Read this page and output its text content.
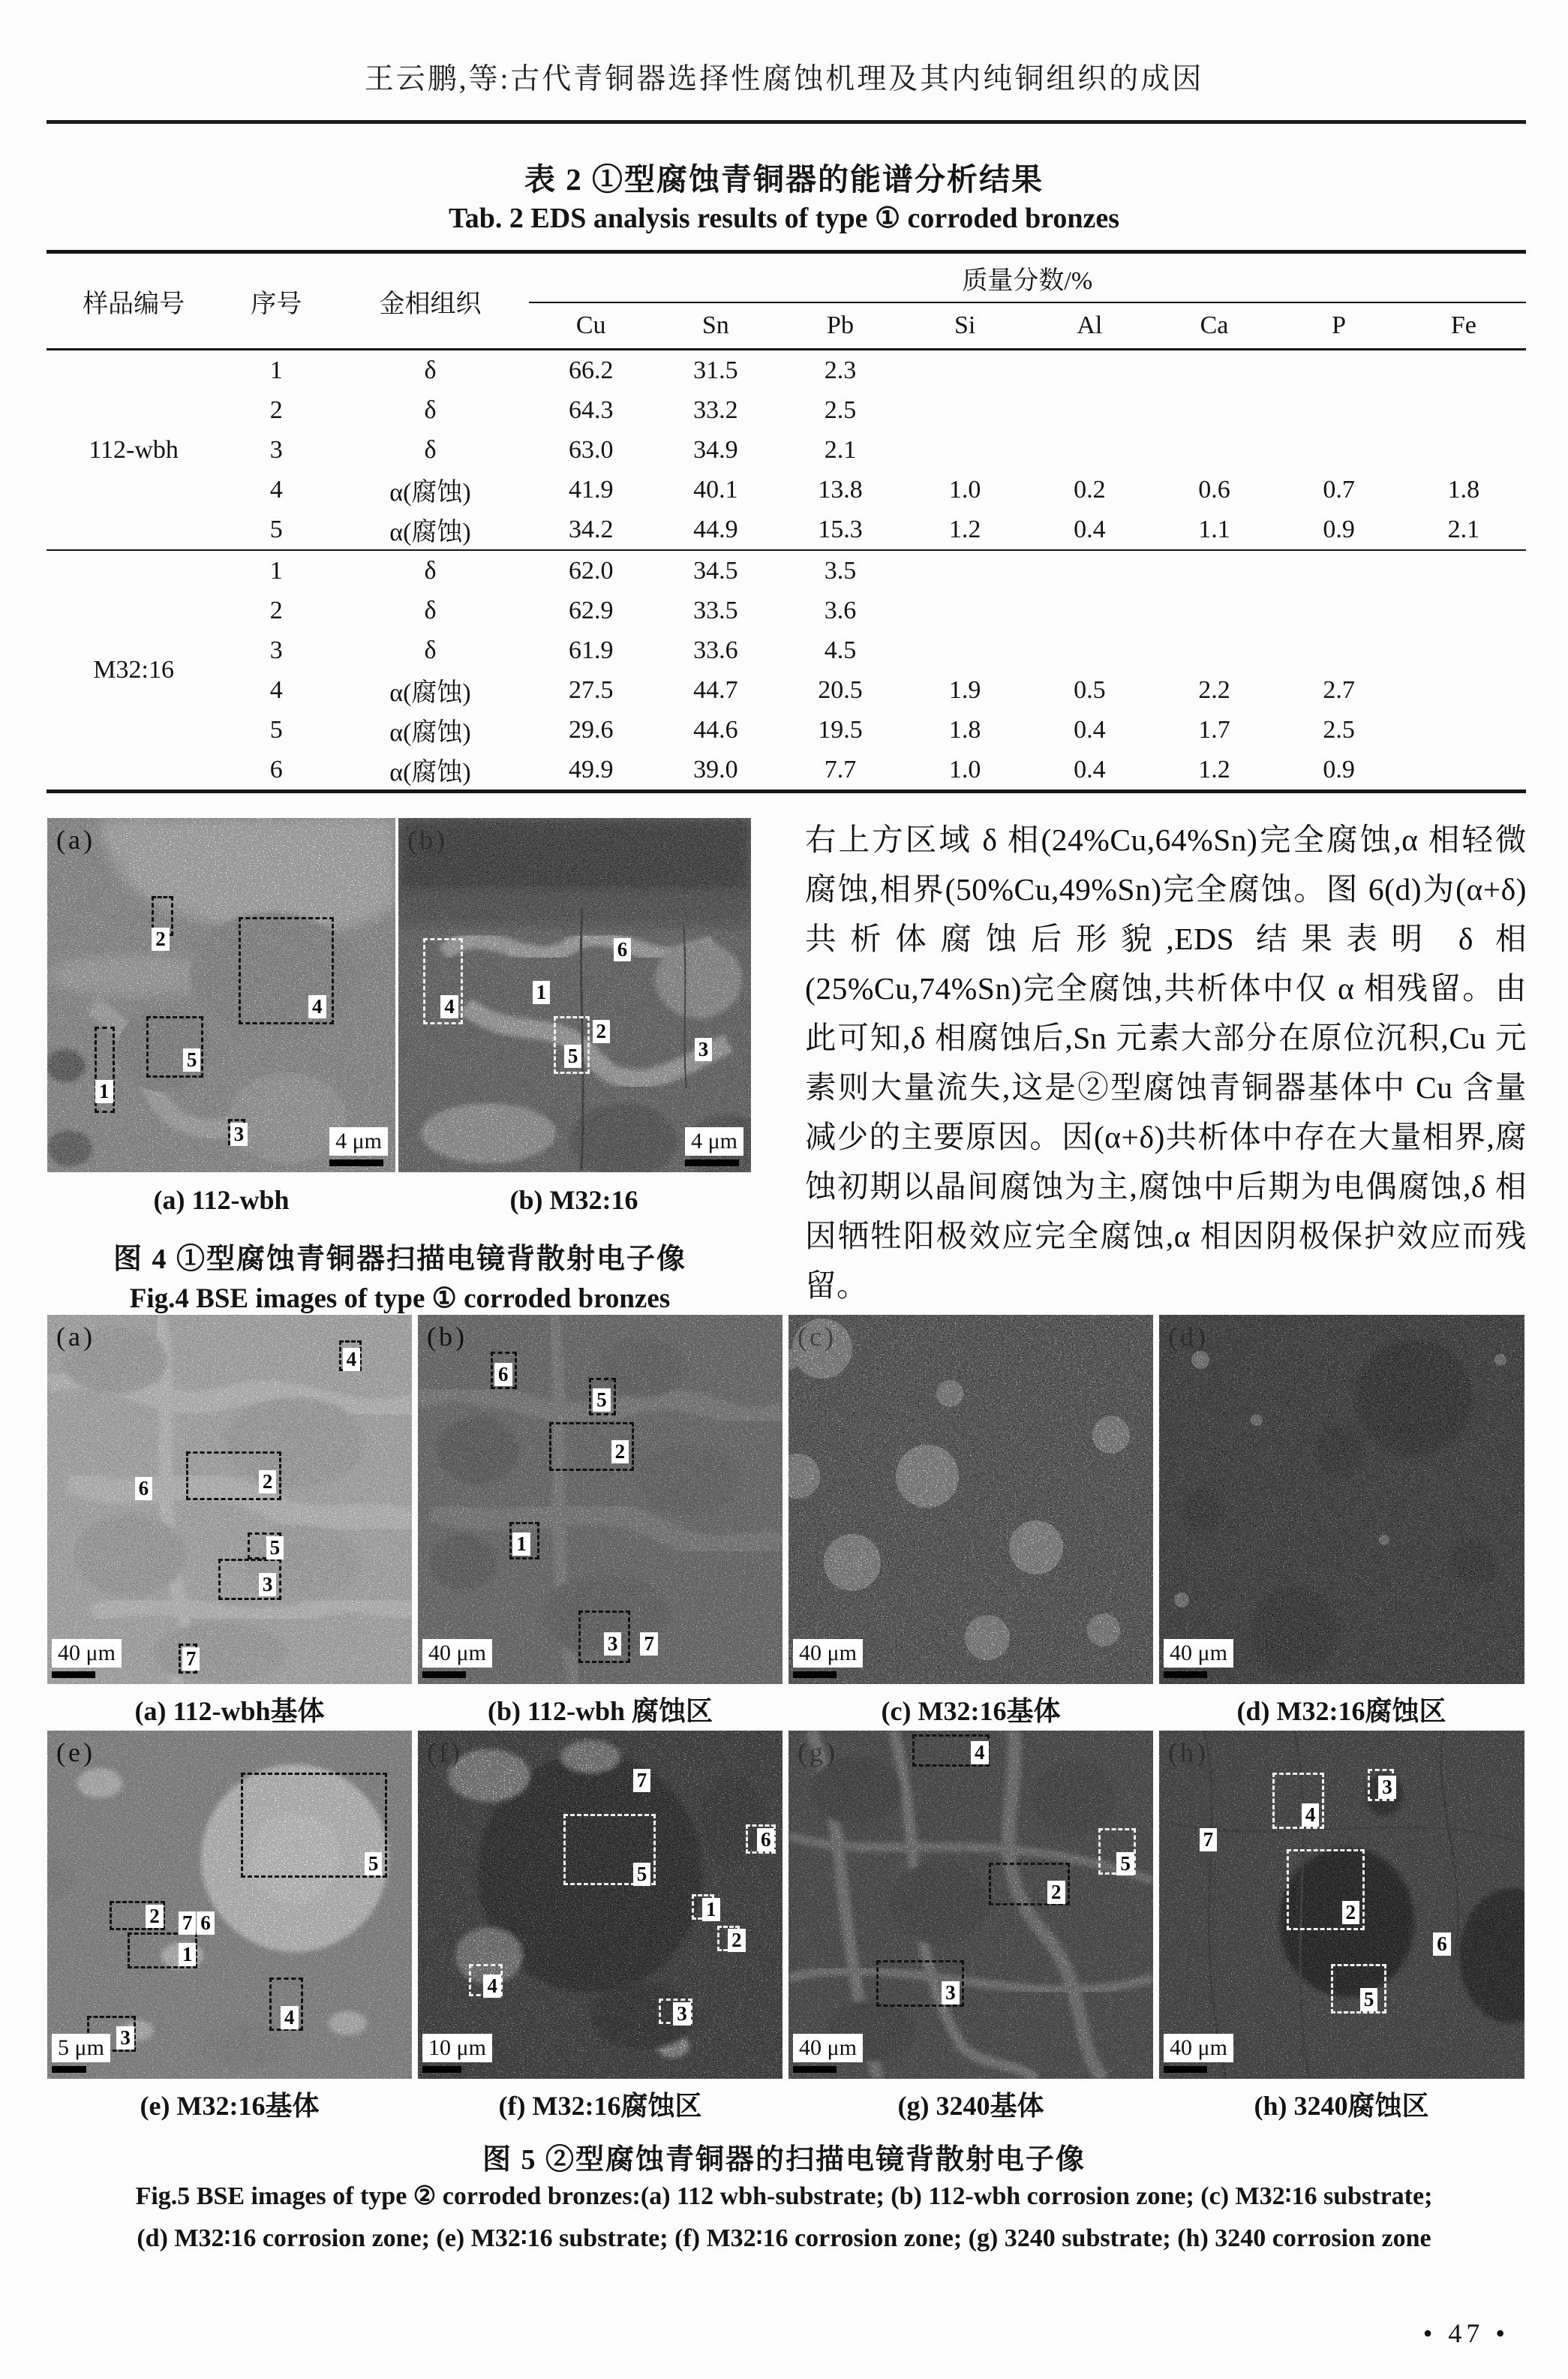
王云鹏,等:古代青铜器选择性腐蚀机理及其内纯铜组织的成因
表 2 ①型腐蚀青铜器的能谱分析结果
Tab. 2 EDS analysis results of type ① corroded bronzes
样品编号	序号	金相组织	质量分数/%							
			Cu	Sn	Pb	Si	Al	Ca	P	Fe
112-wbh	1	δ	66.2	31.5	2.3					
	2	δ	64.3	33.2	2.5					
	3	δ	63.0	34.9	2.1					
	4	α(腐蚀)	41.9	40.1	13.8	1.0	0.2	0.6	0.7	1.8
	5	α(腐蚀)	34.2	44.9	15.3	1.2	0.4	1.1	0.9	2.1
M32:16	1	δ	62.0	34.5	3.5					
	2	δ	62.9	33.5	3.6					
	3	δ	61.9	33.6	4.5					
	4	α(腐蚀)	27.5	44.7	20.5	1.9	0.5	2.2	2.7	
	5	α(腐蚀)	29.6	44.6	19.5	1.8	0.4	1.7	2.5	
	6	α(腐蚀)	49.9	39.0	7.7	1.0	0.4	1.2	0.9	
(a)
2
4
5
1
3	4 μm
(b)
4
1
6
5
2
3
4 μm
(a) 112-wbh	(b) M32:16
图 4 ①型腐蚀青铜器扫描电镜背散射电子像
Fig.4 BSE images of type ① corroded bronzes
右上方区域 δ 相(24%Cu,64%Sn)完全腐蚀,α 相轻微腐蚀,相界(50%Cu,49%Sn)完全腐蚀。图 6(d)为(α+δ)共析体腐蚀后形貌,EDS 结果表明 δ 相(25%Cu,74%Sn)完全腐蚀,共析体中仅 α 相残留。由此可知,δ 相腐蚀后,Sn 元素大部分在原位沉积,Cu 元素则大量流失,这是②型腐蚀青铜器基体中 Cu 含量减少的主要原因。因(α+δ)共析体中存在大量相界,腐蚀初期以晶间腐蚀为主,腐蚀中后期为电偶腐蚀,δ 相因牺牲阳极效应完全腐蚀,α 相因阴极保护效应而残留。
(a)
4
2
6
5
3
7
40 μm
(b)
6
5
2
1
3 7
40 μm
(c)
40 μm
(d)
40 μm
(a) 112-wbh基体	(b) 112-wbh 腐蚀区	(c) M32:16基体	(d) M32:16腐蚀区
(e)
5
2 7 6
1
4
3
5 μm
(f)
7
5
6
1
2
4
3
10 μm
(g)	4
5
2
3
40 μm
(h)
3
4
7
2
6
5
40 μm
(e) M32:16基体	(f) M32:16腐蚀区	(g) 3240基体	(h) 3240腐蚀区
图 5 ②型腐蚀青铜器的扫描电镜背散射电子像
Fig.5 BSE images of type ② corroded bronzes:(a) 112 wbh-substrate; (b) 112-wbh corrosion zone; (c) M32∶16 substrate;
(d) M32∶16 corrosion zone; (e) M32∶16 substrate; (f) M32∶16 corrosion zone; (g) 3240 substrate; (h) 3240 corrosion zone
• 47 •
